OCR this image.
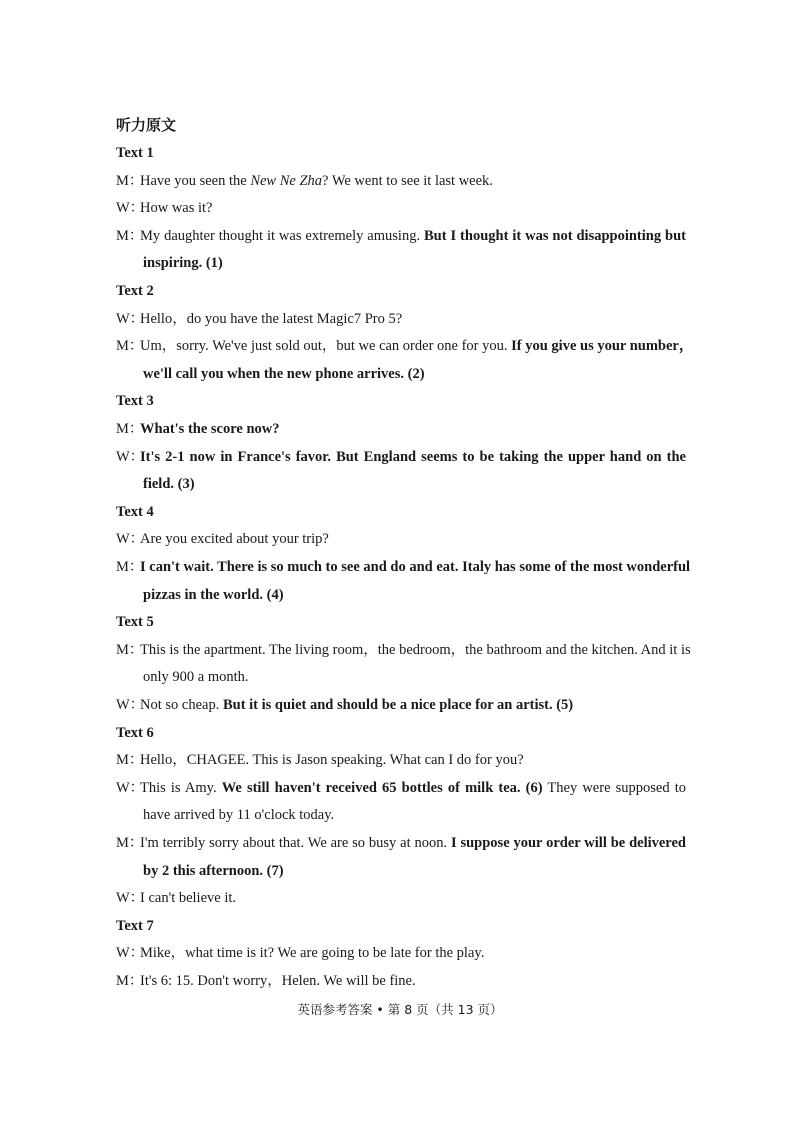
听力原文
Text 1
M：
Have you seen the New Ne Zha? We went to see it last week.
W：
How was it?
M：
My daughter thought it was extremely amusing. But I thought it was not disappointing but
inspiring. (1)
Text 2
W：
Hello，do you have the latest Magic7 Pro 5?
M：
Um，sorry. We've just sold out，but we can order one for you. If you give us your number，
we'll call you when the new phone arrives. (2)
Text 3
M：
What's the score now?
W：
It's 2-1 now in France's favor. But England seems to be taking the upper hand on the
field. (3)
Text 4
W：
Are you excited about your trip?
M：
I can't wait. There is so much to see and do and eat. Italy has some of the most wonderful
pizzas in the world. (4)
Text 5
M：
This is the apartment. The living room，the bedroom，the bathroom and the kitchen. And it is
only 900 a month.
W：
Not so cheap. But it is quiet and should be a nice place for an artist. (5)
Text 6
M：
Hello，CHAGEE. This is Jason speaking. What can I do for you?
W：
This is Amy. We still haven't received 65 bottles of milk tea. (6) They were supposed to
have arrived by 11 o'clock today.
M：
I'm terribly sorry about that. We are so busy at noon. I suppose your order will be delivered
by 2 this afternoon. (7)
W：
I can't believe it.
Text 7
W：
Mike，what time is it? We are going to be late for the play.
M：
It's 6: 15. Don't worry，Helen. We will be fine.
英语参考答案 • 第 8 页（共 13 页）
